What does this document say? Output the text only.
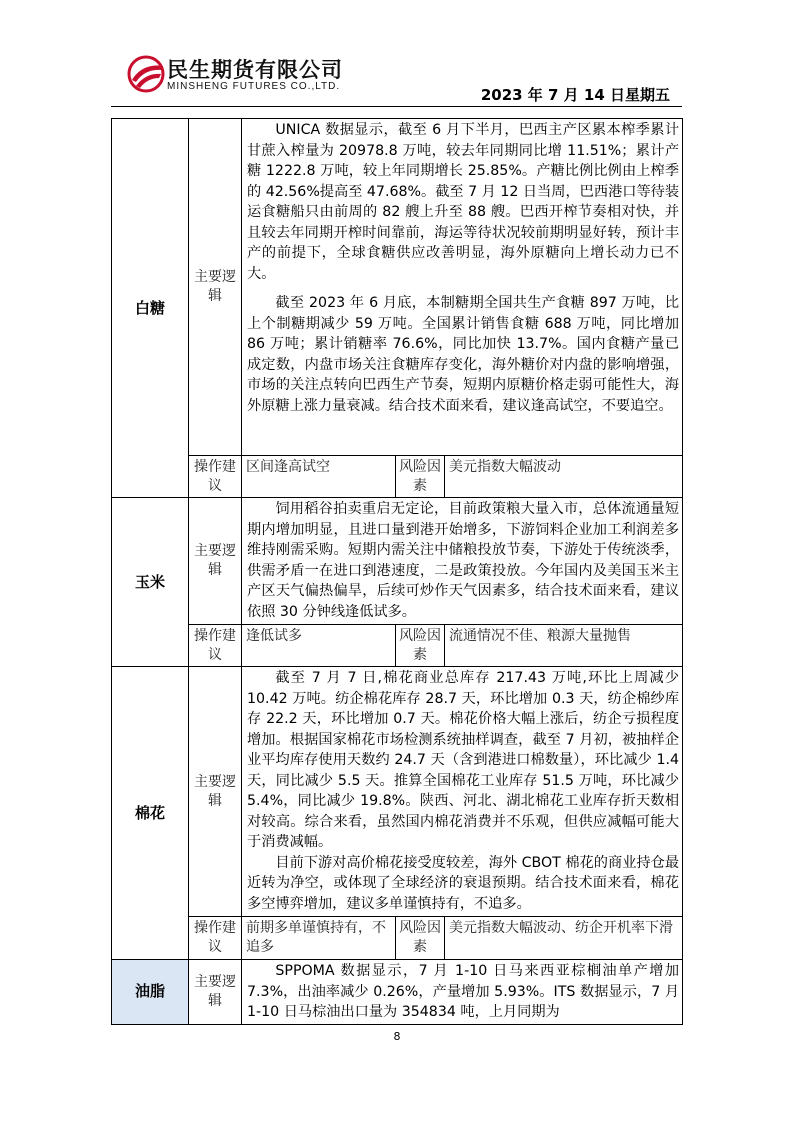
民生期货有限公司
MINSHENG FUTURES CO.,LTD.	2023 年 7 月 14 日星期五
白糖	主要逻辑	UNICA 数据显示，截至 6 月下半月，巴西主产区累本榨季累计甘蔗入榨量为 20978.8 万吨，较去年同期同比增 11.51%；累计产糖 1222.8 万吨，较上年同期增长 25.85%。产糖比例比例由上榨季的 42.56%提高至 47.68%。截至 7 月 12 日当周，巴西港口等待装运食糖船只由前周的 82 艘上升至 88 艘。巴西开榨节奏相对快，并且较去年同期开榨时间靠前，海运等待状况较前期明显好转，预计丰产的前提下，全球食糖供应改善明显，海外原糖向上增长动力已不大。

截至 2023 年 6 月底，本制糖期全国共生产食糖 897 万吨，比上个制糖期减少 59 万吨。全国累计销售食糖 688 万吨，同比增加 86 万吨；累计销糖率 76.6%，同比加快 13.7%。国内食糖产量已成定数，内盘市场关注食糖库存变化，海外糖价对内盘的影响增强，市场的关注点转向巴西生产节奏，短期内原糖价格走弱可能性大，海外原糖上涨力量衰减。结合技术面来看，建议逢高试空，不要追空。		

	操作建议	区间逢高试空	风险因素	美元指数大幅波动
玉米	主要逻辑	饲用稻谷拍卖重启无定论，目前政策粮大量入市，总体流通量短期内增加明显，且进口量到港开始增多，下游饲料企业加工利润差多维持刚需采购。短期内需关注中储粮投放节奏，下游处于传统淡季，供需矛盾一在进口到港速度，二是政策投放。今年国内及美国玉米主产区天气偏热偏旱，后续可炒作天气因素多，结合技术面来看，建议依照 30 分钟线逢低试多。		

	操作建议	逢低试多	风险因素	流通情况不佳、粮源大量抛售
棉花	主要逻辑	截至 7 月 7 日,棉花商业总库存 217.43 万吨,环比上周减少 10.42 万吨。纺企棉花库存 28.7 天，环比增加 0.3 天，纺企棉纱库存 22.2 天，环比增加 0.7 天。棉花价格大幅上涨后，纺企亏损程度增加。根据国家棉花市场检测系统抽样调查，截至 7 月初，被抽样企业平均库存使用天数约 24.7 天（含到港进口棉数量），环比减少 1.4 天，同比减少 5.5 天。推算全国棉花工业库存 51.5 万吨，环比减少 5.4%，同比减少 19.8%。陕西、河北、湖北棉花工业库存折天数相对较高。综合来看，虽然国内棉花消费并不乐观，但供应减幅可能大于消费减幅。

目前下游对高价棉花接受度较差，海外 CBOT 棉花的商业持仓最近转为净空，或体现了全球经济的衰退预期。结合技术面来看，棉花多空博弈增加，建议多单谨慎持有，不追多。		

	操作建议	前期多单谨慎持有，不追多	风险因素	美元指数大幅波动、纺企开机率下滑
油脂	主要逻辑	SPPOMA 数据显示，7 月 1-10 日马来西亚棕榈油单产增加 7.3%，出油率减少 0.26%，产量增加 5.93%。ITS 数据显示，7 月 1-10 日马棕油出口量为 354834 吨，上月同期为		

8
